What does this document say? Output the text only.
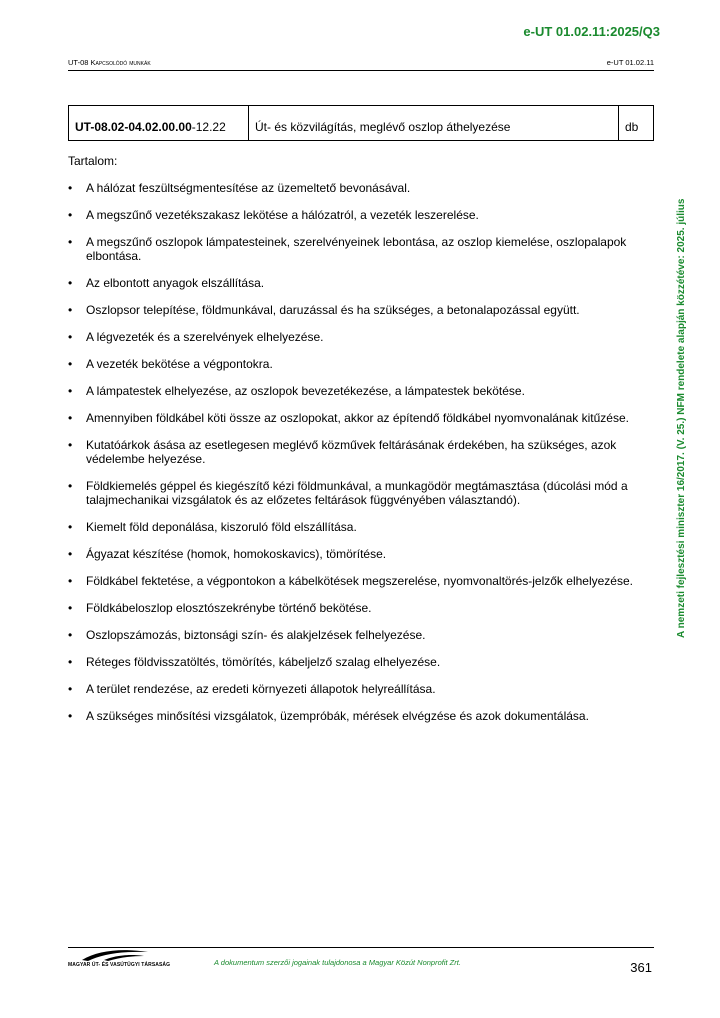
e-UT 01.02.11:2025/Q3
UT-08 Kapcsolódó munkák	e-UT 01.02.11
A nemzeti fejlesztési miniszter 16/2017. (V. 25.) NFM rendelete alapján közzétéve: 2025. július
UT-08.02-04.02.00.00 -12.22	Út- és közvilágítás, meglévő oszlop áthelyezése	db
Tartalom:
• A hálózat feszültségmentesítése az üzemeltető bevonásával.
• A megszűnő vezetékszakasz lekötése a hálózatról, a vezeték leszerelése.
• A megszűnő oszlopok lámpatesteinek, szerelvényeinek lebontása, az oszlop kiemelése, oszlopalapok elbontása.
• Az elbontott anyagok elszállítása.
• Oszlopsor telepítése, földmunkával, daruzással és ha szükséges, a betonalapozással együtt.
• A légvezeték és a szerelvények elhelyezése.
• A vezeték bekötése a végpontokra.
• A lámpatestek elhelyezése, az oszlopok bevezetékezése, a lámpatestek bekötése.
• Amennyiben földkábel köti össze az oszlopokat, akkor az építendő földkábel nyomvonalának kitűzése.
• Kutatóárkok ásása az esetlegesen meglévő közművek feltárásának érdekében, ha szükséges, azok védelembe helyezése.
• Földkiemelés géppel és kiegészítő kézi földmunkával, a munkagödör megtámasztása (dúcolási mód a talajmechanikai vizsgálatok és az előzetes feltárások függvényében választandó).
• Kiemelt föld deponálása, kiszoruló föld elszállítása.
• Ágyazat készítése (homok, homokoskavics), tömörítése.
• Földkábel fektetése, a végpontokon a kábelkötések megszerelése, nyomvonaltörés-jelzők elhelyezése.
• Földkábeloszlop elosztószekrénybe történő bekötése.
• Oszlopszámozás, biztonsági szín- és alakjelzések felhelyezése.
• Réteges földvisszatöltés, tömörítés, kábeljelző szalag elhelyezése.
• A terület rendezése, az eredeti környezeti állapotok helyreállítása.
• A szükséges minősítési vizsgálatok, üzempróbák, mérések elvégzése és azok dokumentálása.
MAGYAR ÚT- ÉS VASÚTÜGYI TÁRSASÁG	A dokumentum szerzői jogainak tulajdonosa a Magyar Közút Nonprofit Zrt.	361
